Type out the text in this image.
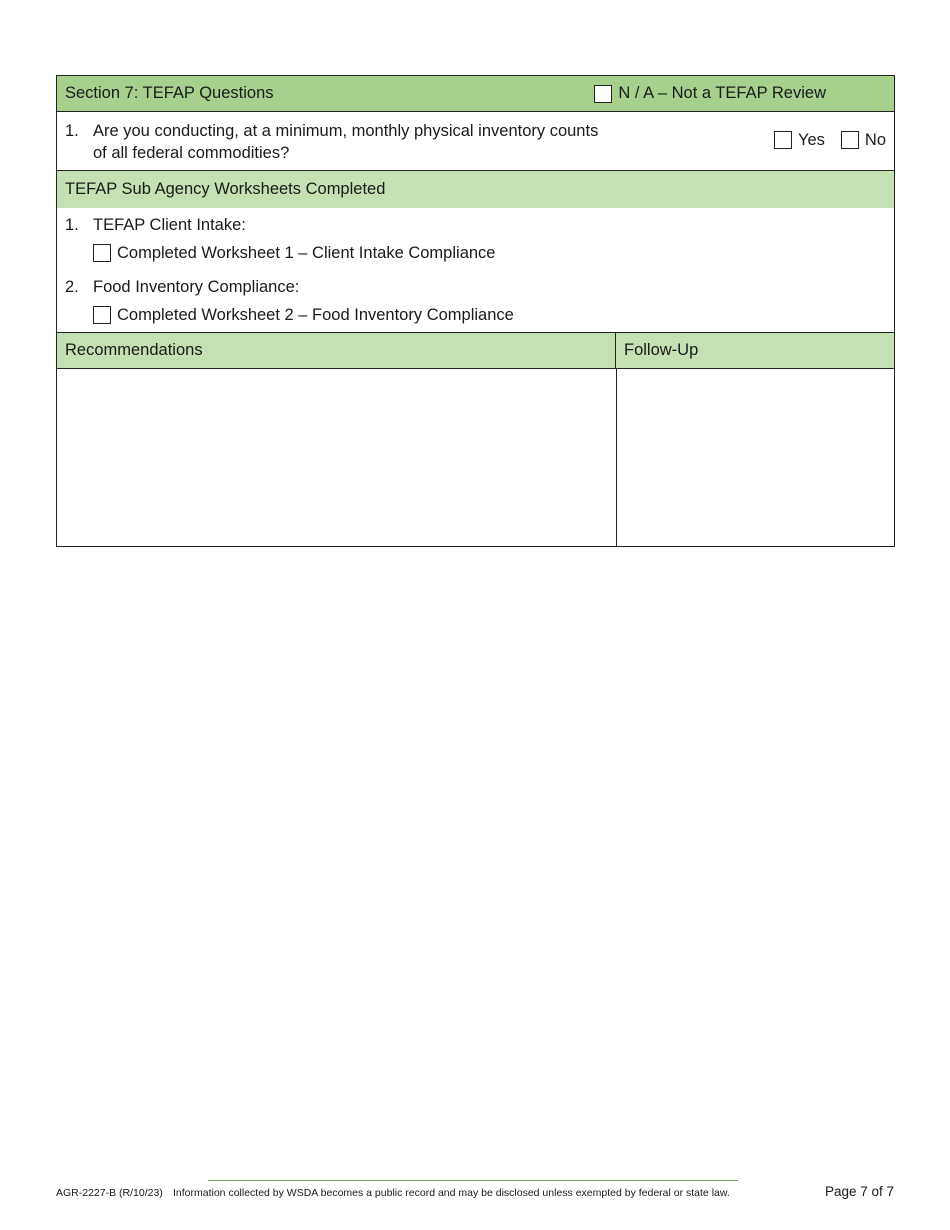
Section 7: TEFAP Questions	N / A – Not a TEFAP Review
1. Are you conducting, at a minimum, monthly physical inventory counts
of all federal commodities?
Yes No
TEFAP Sub Agency Worksheets Completed
1. TEFAP Client Intake:
Completed Worksheet 1 – Client Intake Compliance
2. Food Inventory Compliance:
Completed Worksheet 2 – Food Inventory Compliance
Recommendations	Follow-Up
AGR-2227-B (R/10/23) Information collected by WSDA becomes a public record and may be disclosed unless exempted by federal or state law.	Page 7 of 7
